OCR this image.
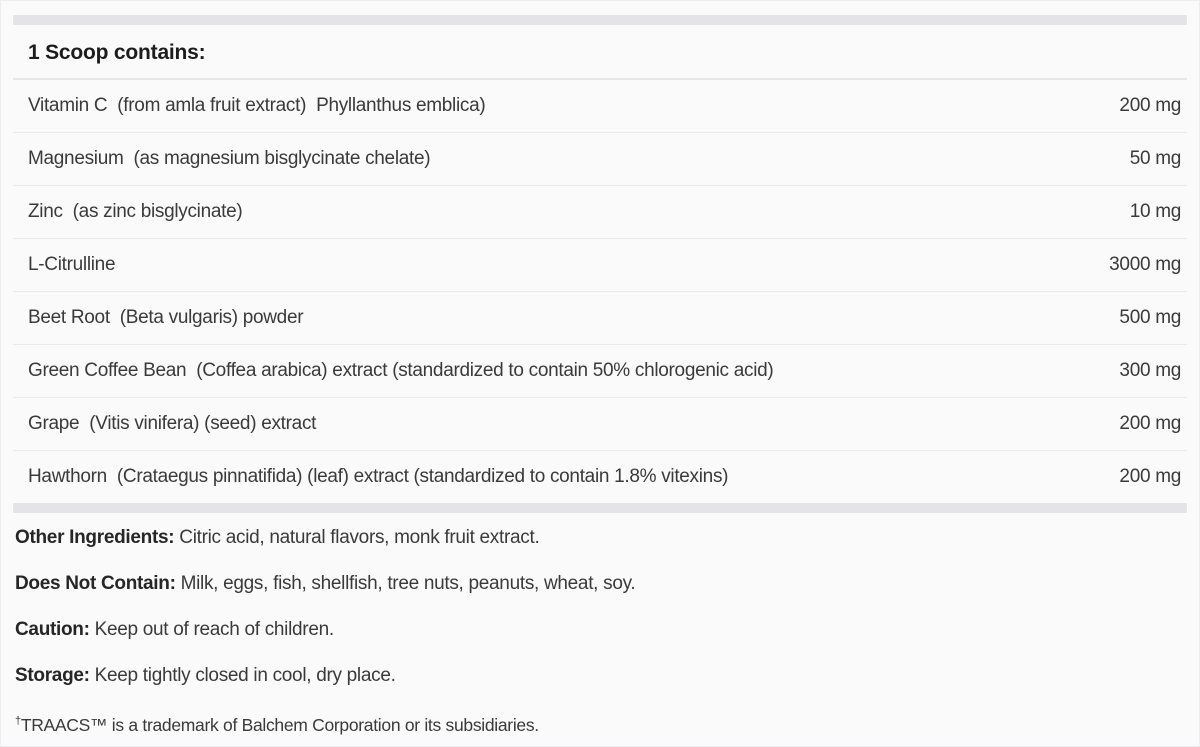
1 Scoop contains:
Vitamin C  (from amla fruit extract)  Phyllanthus emblica)	200 mg
Magnesium  (as magnesium bisglycinate chelate)	50 mg
Zinc  (as zinc bisglycinate)	10 mg
L-Citrulline	3000 mg
Beet Root  (Beta vulgaris) powder	500 mg
Green Coffee Bean  (Coffea arabica) extract (standardized to contain 50% chlorogenic acid)	300 mg
Grape  (Vitis vinifera) (seed) extract	200 mg
Hawthorn  (Crataegus pinnatifida) (leaf) extract (standardized to contain 1.8% vitexins)	200 mg

Other Ingredients: Citric acid, natural flavors, monk fruit extract.

Does Not Contain: Milk, eggs, fish, shellfish, tree nuts, peanuts, wheat, soy.

Caution: Keep out of reach of children.

Storage: Keep tightly closed in cool, dry place.

†TRAACS™ is a trademark of Balchem Corporation or its subsidiaries.
